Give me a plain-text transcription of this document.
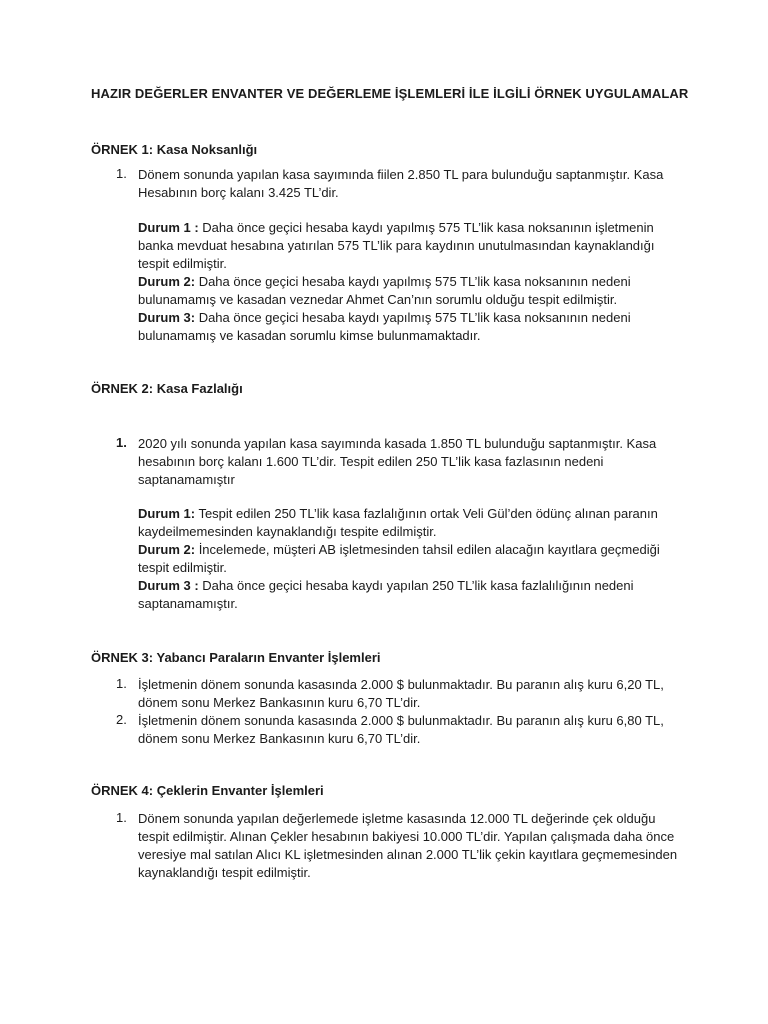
HAZIR DEĞERLER ENVANTER VE DEĞERLEME İŞLEMLERİ İLE İLGİLİ ÖRNEK UYGULAMALAR
ÖRNEK 1: Kasa Noksanlığı
1. Dönem sonunda yapılan kasa sayımında fiilen 2.850 TL para bulunduğu saptanmıştır. Kasa
Hesabının borç kalanı 3.425 TL’dir.
Durum 1 : Daha önce geçici hesaba kaydı yapılmış 575 TL’lik kasa noksanının işletmenin
banka mevduat hesabına yatırılan 575 TL’lik para kaydının unutulmasından kaynaklandığı
tespit edilmiştir.
Durum 2: Daha önce geçici hesaba kaydı yapılmış 575 TL’lik kasa noksanının nedeni
bulunamamış ve kasadan veznedar Ahmet Can’nın sorumlu olduğu tespit edilmiştir.
Durum 3: Daha önce geçici hesaba kaydı yapılmış 575 TL’lik kasa noksanının nedeni
bulunamamış ve kasadan sorumlu kimse bulunmamaktadır.
ÖRNEK 2: Kasa Fazlalığı
1. 2020 yılı sonunda yapılan kasa sayımında kasada 1.850 TL bulunduğu saptanmıştır. Kasa
hesabının borç kalanı 1.600 TL’dir. Tespit edilen 250 TL’lik kasa fazlasının nedeni
saptanamamıştır
Durum 1: Tespit edilen 250 TL’lik kasa fazlalığının ortak Veli Gül’den ödünç alınan paranın
kaydeilmemesinden kaynaklandığı tespite edilmiştir.
Durum 2: İncelemede, müşteri AB işletmesinden tahsil edilen alacağın kayıtlara geçmediği
tespit edilmiştir.
Durum 3 : Daha önce geçici hesaba kaydı yapılan 250 TL’lik kasa fazlalılığının nedeni
saptanamamıştır.
ÖRNEK 3: Yabancı Paraların Envanter İşlemleri
1. İşletmenin dönem sonunda kasasında 2.000 $ bulunmaktadır. Bu paranın alış kuru 6,20 TL,
dönem sonu Merkez Bankasının kuru 6,70 TL’dir.
2. İşletmenin dönem sonunda kasasında 2.000 $ bulunmaktadır. Bu paranın alış kuru 6,80 TL,
dönem sonu Merkez Bankasının kuru 6,70 TL’dir.
ÖRNEK 4: Çeklerin Envanter İşlemleri
1. Dönem sonunda yapılan değerlemede işletme kasasında 12.000 TL değerinde çek olduğu
tespit edilmiştir. Alınan Çekler hesabının bakiyesi 10.000 TL’dir. Yapılan çalışmada daha önce
veresiye mal satılan Alıcı KL işletmesinden alınan 2.000 TL’lik çekin kayıtlara geçmemesinden
kaynaklandığı tespit edilmiştir.
